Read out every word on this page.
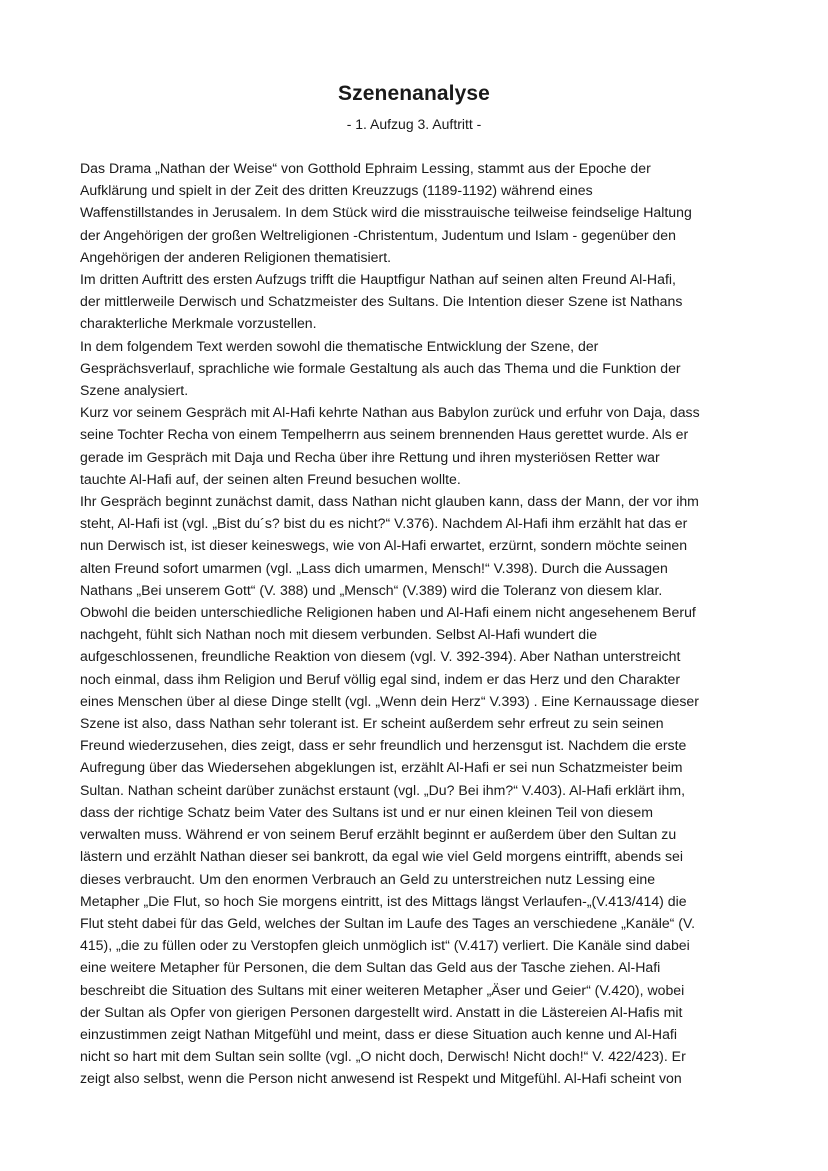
Szenenanalyse
- 1. Aufzug 3. Auftritt -
Das Drama „Nathan der Weise“ von Gotthold Ephraim Lessing, stammt aus der Epoche der
Aufklärung und spielt in der Zeit des dritten Kreuzzugs (1189-1192) während eines
Waffenstillstandes in Jerusalem. In dem Stück wird die misstrauische teilweise feindselige Haltung
der Angehörigen der großen Weltreligionen -Christentum, Judentum und Islam - gegenüber den
Angehörigen der anderen Religionen thematisiert.
Im dritten Auftritt des ersten Aufzugs trifft die Hauptfigur Nathan auf seinen alten Freund Al-Hafi,
der mittlerweile Derwisch und Schatzmeister des Sultans. Die Intention dieser Szene ist Nathans
charakterliche Merkmale vorzustellen.
In dem folgendem Text werden sowohl die thematische Entwicklung der Szene, der
Gesprächsverlauf, sprachliche wie formale Gestaltung als auch das Thema und die Funktion der
Szene analysiert.
Kurz vor seinem Gespräch mit Al-Hafi kehrte Nathan aus Babylon zurück und erfuhr von Daja, dass
seine Tochter Recha von einem Tempelherrn aus seinem brennenden Haus gerettet wurde. Als er
gerade im Gespräch mit Daja und Recha über ihre Rettung und ihren mysteriösen Retter war
tauchte Al-Hafi auf, der seinen alten Freund besuchen wollte.
Ihr Gespräch beginnt zunächst damit, dass Nathan nicht glauben kann, dass der Mann, der vor ihm
steht, Al-Hafi ist (vgl. „Bist du´s? bist du es nicht?“ V.376). Nachdem Al-Hafi ihm erzählt hat das er
nun Derwisch ist, ist dieser keineswegs, wie von Al-Hafi erwartet, erzürnt, sondern möchte seinen
alten Freund sofort umarmen (vgl. „Lass dich umarmen, Mensch!“ V.398). Durch die Aussagen
Nathans „Bei unserem Gott“ (V. 388) und „Mensch“ (V.389) wird die Toleranz von diesem klar.
Obwohl die beiden unterschiedliche Religionen haben und Al-Hafi einem nicht angesehenem Beruf
nachgeht, fühlt sich Nathan noch mit diesem verbunden. Selbst Al-Hafi wundert die
aufgeschlossenen, freundliche Reaktion von diesem (vgl. V. 392-394). Aber Nathan unterstreicht
noch einmal, dass ihm Religion und Beruf völlig egal sind, indem er das Herz und den Charakter
eines Menschen über al diese Dinge stellt (vgl. „Wenn dein Herz“ V.393) . Eine Kernaussage dieser
Szene ist also, dass Nathan sehr tolerant ist. Er scheint außerdem sehr erfreut zu sein seinen
Freund wiederzusehen, dies zeigt, dass er sehr freundlich und herzensgut ist. Nachdem die erste
Aufregung über das Wiedersehen abgeklungen ist, erzählt Al-Hafi er sei nun Schatzmeister beim
Sultan. Nathan scheint darüber zunächst erstaunt (vgl. „Du? Bei ihm?“ V.403). Al-Hafi erklärt ihm,
dass der richtige Schatz beim Vater des Sultans ist und er nur einen kleinen Teil von diesem
verwalten muss. Während er von seinem Beruf erzählt beginnt er außerdem über den Sultan zu
lästern und erzählt Nathan dieser sei bankrott, da egal wie viel Geld morgens eintrifft, abends sei
dieses verbraucht. Um den enormen Verbrauch an Geld zu unterstreichen nutz Lessing eine
Metapher „Die Flut, so hoch Sie morgens eintritt, ist des Mittags längst Verlaufen-„(V.413/414) die
Flut steht dabei für das Geld, welches der Sultan im Laufe des Tages an verschiedene „Kanäle“ (V.
415), „die zu füllen oder zu Verstopfen gleich unmöglich ist“ (V.417) verliert. Die Kanäle sind dabei
eine weitere Metapher für Personen, die dem Sultan das Geld aus der Tasche ziehen. Al-Hafi
beschreibt die Situation des Sultans mit einer weiteren Metapher „Äser und Geier“ (V.420), wobei
der Sultan als Opfer von gierigen Personen dargestellt wird. Anstatt in die Lästereien Al-Hafis mit
einzustimmen zeigt Nathan Mitgefühl und meint, dass er diese Situation auch kenne und Al-Hafi
nicht so hart mit dem Sultan sein sollte (vgl. „O nicht doch, Derwisch! Nicht doch!“ V. 422/423). Er
zeigt also selbst, wenn die Person nicht anwesend ist Respekt und Mitgefühl. Al-Hafi scheint von
